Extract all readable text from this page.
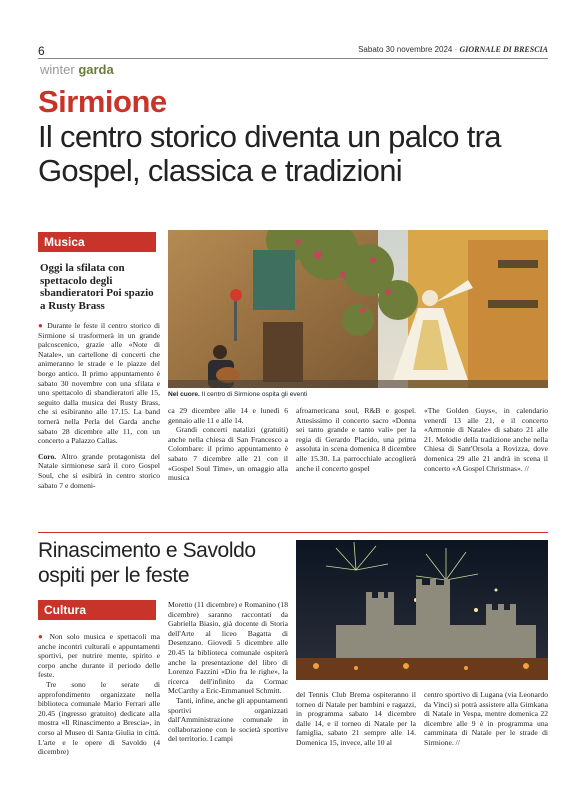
6	Sabato 30 novembre 2024 · GIORNALE DI BRESCIA
winter garda
Sirmione
Il centro storico diventa un palco tra Gospel, classica e tradizioni
Musica
Oggi la sfilata con spettacolo degli sbandieratori Poi spazio a Rusty Brass
Nel cuore. Il centro di Sirmione ospita gli eventi

● Durante le feste il centro storico di Sirmione si trasformerà in un grande palcoscenico, grazie alle «Note di Natale», un cartellone di concerti che animeranno le strade e le piazze del borgo antico. Il primo appuntamento è sabato 30 novembre con una sfilata e uno spettacolo di sbandieratori alle 15, seguito dalla musica dei Rusty Brass, che si esibiranno alle 17.15. La band tornerà nella Perla del Garda anche sabato 28 dicembre alle 11, con un concerto a Palazzo Callas.

Coro. Altro grande protagonista del Natale sirmionese sarà il coro Gospel Soul, che si esibirà in centro storico sabato 7 e domeni-

ca 29 dicembre alle 14 e lunedì 6 gennaio alle 11 e alle 14.

Grandi concerti natalizi (gratuiti) anche nella chiesa di San Francesco a Colombare: il primo appuntamento è sabato 7 dicembre alle 21 con il «Gospel Soul Time», un omaggio alla musica

afroamericana soul, R&B e gospel. Attesissimo il concerto sacro «Donna sei tanto grande e tanto vali» per la regia di Gerardo Placido, una prima assoluta in scena domenica 8 dicembre alle 15.30. La parrocchiale accoglierà anche il concerto gospel

«The Golden Guys», in calendario venerdì 13 alle 21, e il concerto «Armonie di Natale» di sabato 21 alle 21. Melodie della tradizione anche nella Chiesa di Sant'Orsola a Rovizza, dove domenica 29 alle 21 andrà in scena il concerto «A Gospel Christmas». //

Rinascimento e Savoldo ospiti per le feste
Cultura

● Non solo musica e spettacoli ma anche incontri culturali e appuntamenti sportivi, per nutrire mente, spirito e corpo anche durante il periodo delle feste.

Tre sono le serate di approfondimento organizzate nella biblioteca comunale Mario Ferrari alle 20.45 (ingresso gratuito) dedicate alla mostra «Il Rinascimento a Brescia», in corso al Museo di Santa Giulia in città. L'arte e le opere di Savoldo (4 dicembre)

Moretto (11 dicembre) e Romanino (18 dicembre) saranno raccontati da Gabriella Biasio, già docente di Storia dell'Arte al liceo Bagatta di Desenzano. Giovedì 5 dicembre alle 20.45 la biblioteca comunale ospiterà anche la presentazione del libro di Lorenzo Fazzini «Dio fra le righe», la ricerca dell'infinito da Cormac McCarthy a Eric-Emmanuel Schmitt.

Tanti, infine, anche gli appuntamenti sportivi organizzati dall'Amministrazione comunale in collaborazione con le società sportive del territorio. I campi

del Tennis Club Brema ospiteranno il torneo di Natale per bambini e ragazzi, in programma sabato 14 dicembre dalle 14, e il torneo di Natale per la famiglia, sabato 21 sempre alle 14. Domenica 15, invece, alle 10 al

centro sportivo di Lugana (via Leonardo da Vinci) si potrà assistere alla Gimkana di Natale in Vespa, mentre domenica 22 dicembre alle 9 è in programma una camminata di Natale per le strade di Sirmione. //
